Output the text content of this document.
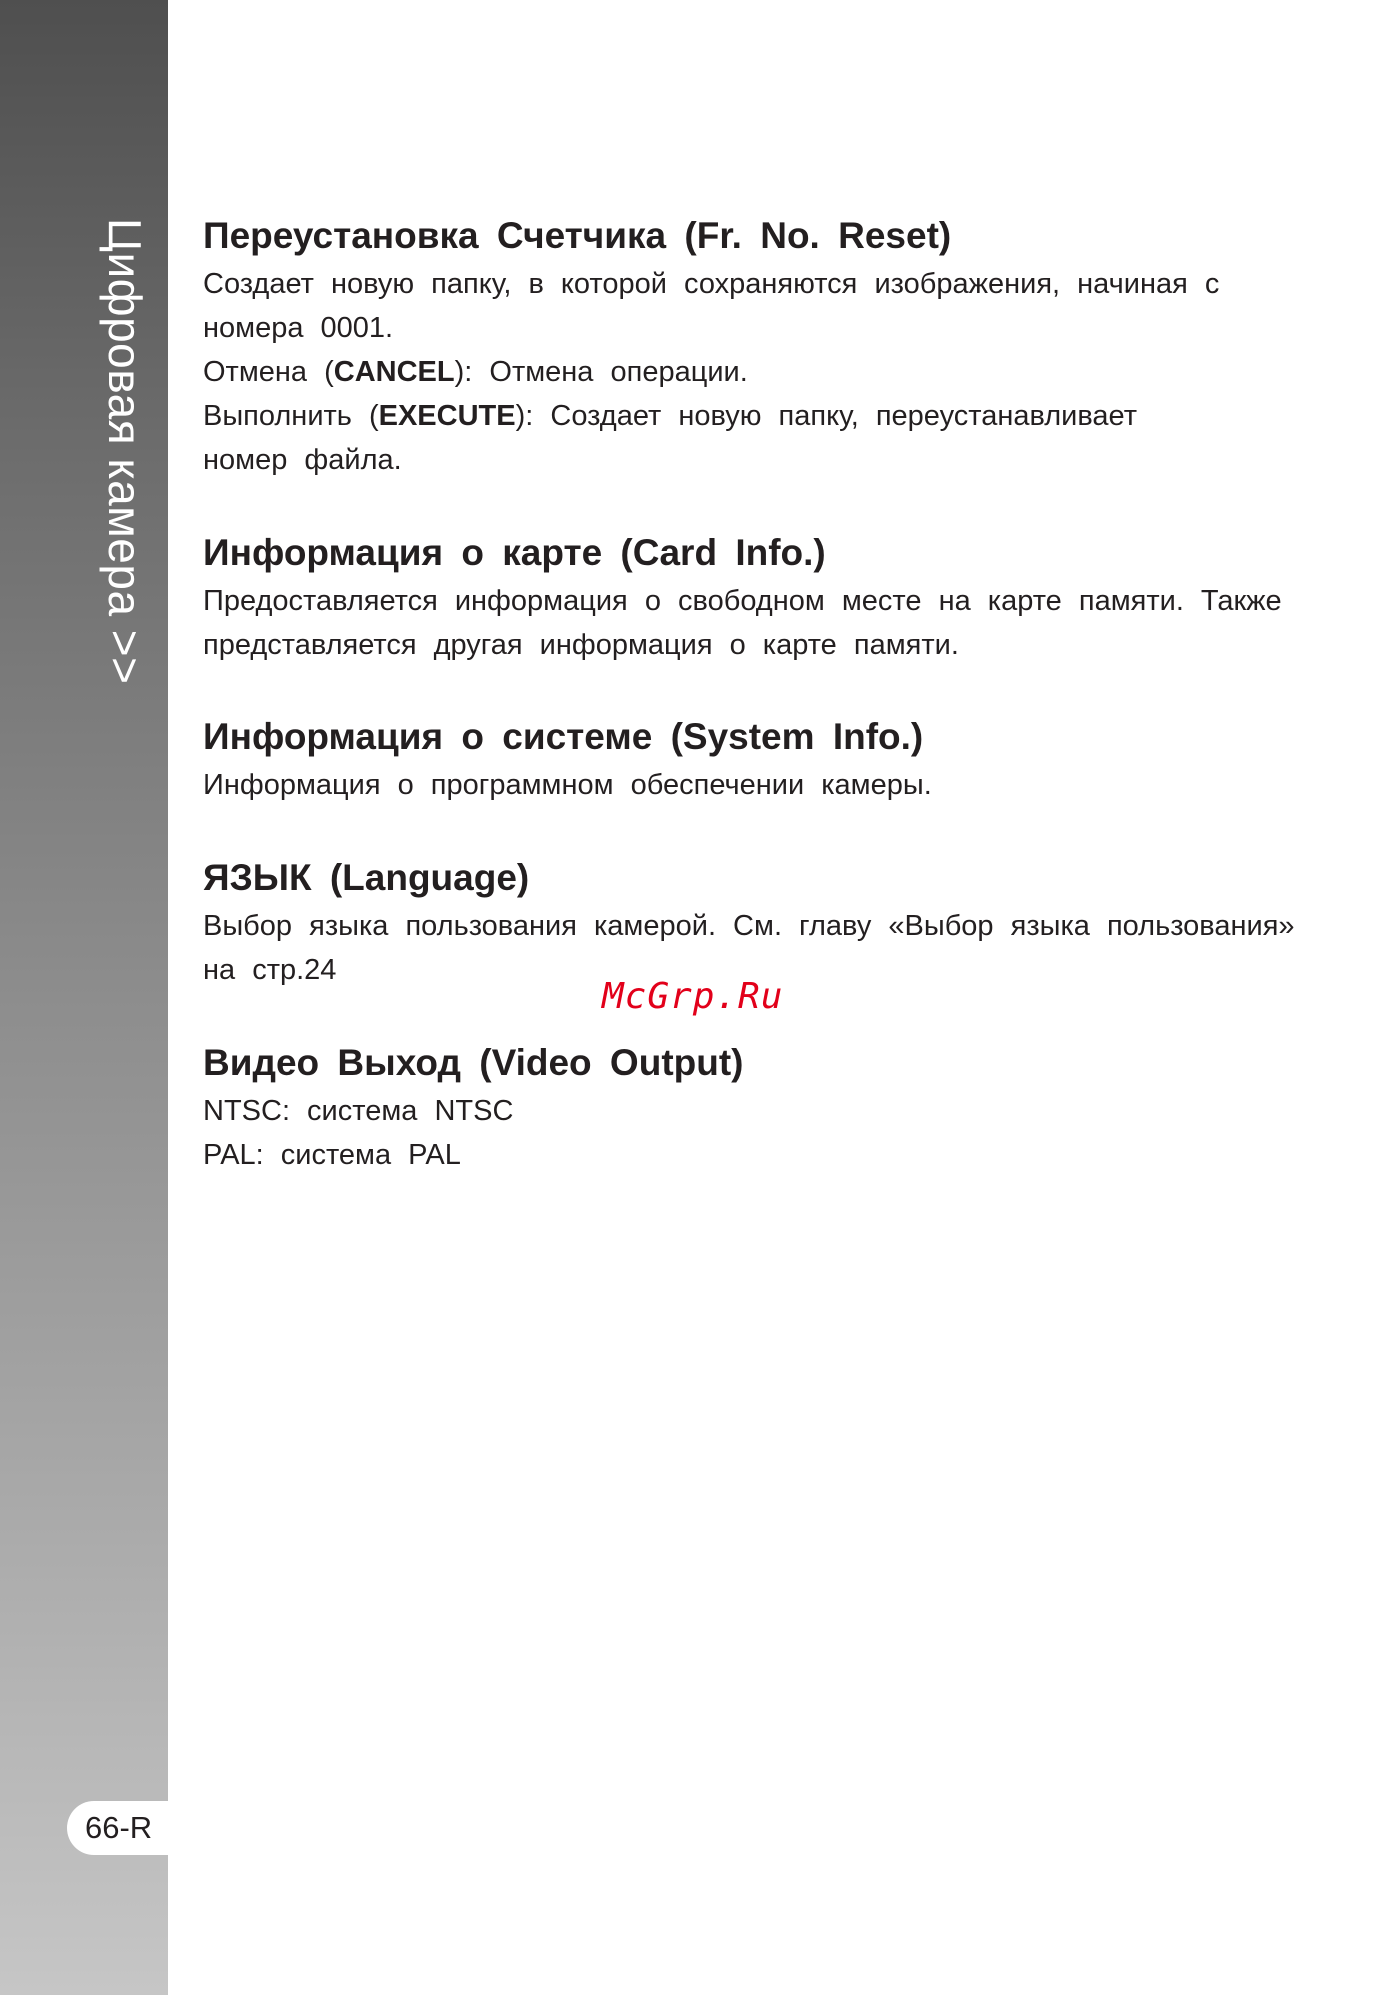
Цифровая камера >>
66-R
Переустановка Счетчика (Fr. No. Reset)

Создает новую папку, в которой сохраняются изображения, начиная с

номера 0001.

Отмена (CANCEL): Отмена операции.

Выполнить (EXECUTE): Создает новую папку, переустанавливает

номер файла.

Информация о карте (Card Info.)

Предоставляется информация о свободном месте на карте памяти. Также

представляется другая информация о карте памяти.

Информация о системе (System Info.)

Информация о программном обеспечении камеры.

ЯЗЫК (Language)

Выбор языка пользования камерой. См. главу «Выбор языка пользования»

на стр.24

Видео Выход (Video Output)

NTSC: система NTSC

PAL: система PAL

McGrp.Ru
